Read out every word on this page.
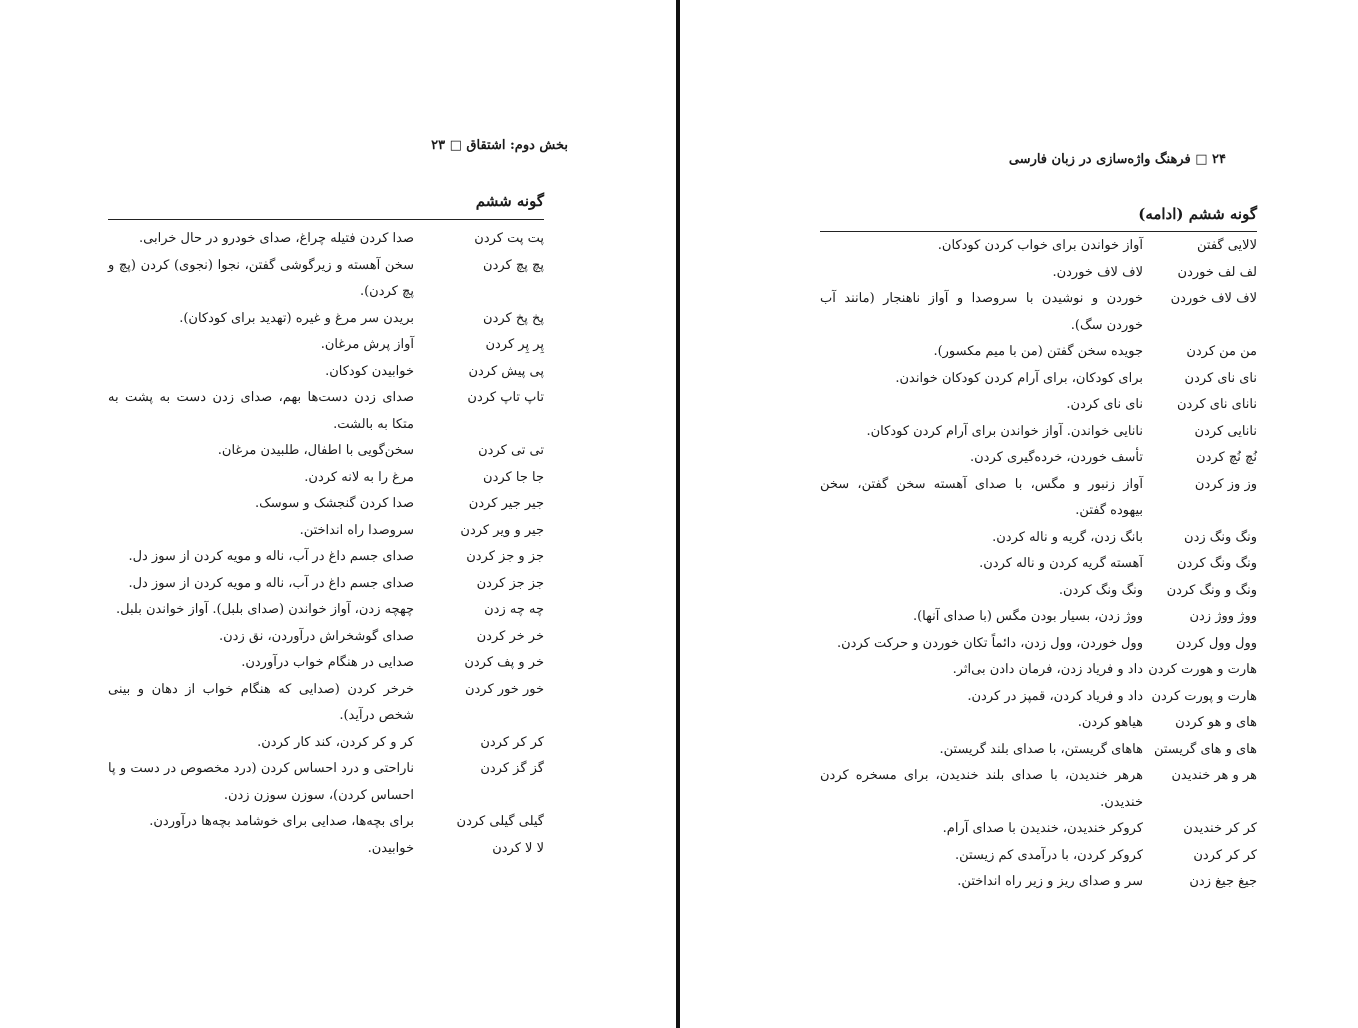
بخش دوم: اشتقاق □ ۲۳
گونه ششم
پت پت کردن
صدا کردن فتیله چراغ، صدای خودرو در حال خرابی.
پچ پچ کردن
سخن آهسته و زیرگوشی گفتن، نجوا (نجوی) کردن (پچ و پچ کردن).
پخ پخ کردن
بریدن سر مرغ و غیره (تهدید برای کودکان).
پِر پِر کردن
آواز پرش مرغان.
پی پیش کردن
خوابیدن کودکان.
تاپ تاپ کردن
صدای زدن دست‌ها بهم، صدای زدن دست به پشت به متکا به بالشت.
تی تی کردن
سخن‌گویی با اطفال، طلبیدن مرغان.
جا جا کردن
مرغ را به لانه کردن.
جیر جیر کردن
صدا کردن گنجشک و سوسک.
جیر و ویر کردن
سروصدا راه انداختن.
جز و جز کردن
صدای جسم داغ در آب، ناله و مویه کردن از سوز دل.
جز جز کردن
صدای جسم داغ در آب، ناله و مویه کردن از سوز دل.
چه چه زدن
چهچه زدن، آواز خواندن (صدای بلبل). آواز خواندن بلبل.
خر خر کردن
صدای گوشخراش درآوردن، نق زدن.
خر و پف کردن
صدایی در هنگام خواب درآوردن.
خور خور کردن
خرخر کردن (صدایی که هنگام خواب از دهان و بینی شخص درآید).
کر کر کردن
کر و کر کردن، کند کار کردن.
گز گز کردن
ناراحتی و درد احساس کردن (درد مخصوص در دست و پا احساس کردن)، سوزن سوزن زدن.
گیلی گیلی کردن
برای بچه‌ها، صدایی برای خوشامد بچه‌ها درآوردن.
لا لا کردن
خوابیدن.
۲۴ □ فرهنگ واژه‌سازی در زبان فارسی
گونه ششم (ادامه)
لالایی گفتن
آواز خواندن برای خواب کردن کودکان.
لف لف خوردن
لاف لاف خوردن.
لاف لاف خوردن
خوردن و نوشیدن با سروصدا و آواز ناهنجار (مانند آب خوردن سگ).
من من کردن
جویده سخن گفتن (من با میم مکسور).
نای نای کردن
برای کودکان، برای آرام کردن کودکان خواندن.
نانای نای کردن
نای نای کردن.
نانایی کردن
نانایی خواندن. آواز خواندن برای آرام کردن کودکان.
نُچ نُچ کردن
تأسف خوردن، خرده‌گیری کردن.
وز وز کردن
آواز زنبور و مگس، با صدای آهسته سخن گفتن، سخن بیهوده گفتن.
ونگ ونگ زدن
بانگ زدن، گریه و ناله کردن.
ونگ ونگ کردن
آهسته گریه کردن و ناله کردن.
ونگ و ونگ کردن
ونگ ونگ کردن.
ووژ ووژ زدن
ووژ زدن، بسیار بودن مگس (با صدای آنها).
وول وول کردن
وول خوردن، وول زدن، دائماً تکان خوردن و حرکت کردن.
هارت و هورت کردن
داد و فریاد زدن، فرمان دادن بی‌اثر.
هارت و پورت کردن
داد و فریاد کردن، قمپز در کردن.
های و هو کردن
هیاهو کردن.
های و های گریستن
هاهای گریستن، با صدای بلند گریستن.
هر و هر خندیدن
هرهر خندیدن، با صدای بلند خندیدن، برای مسخره کردن خندیدن.
کر کر خندیدن
کروکر خندیدن، خندیدن با صدای آرام.
کر کر کردن
کروکر کردن، با درآمدی کم زیستن.
جیغ جیغ زدن
سر و صدای ریز و زیر راه انداختن.
